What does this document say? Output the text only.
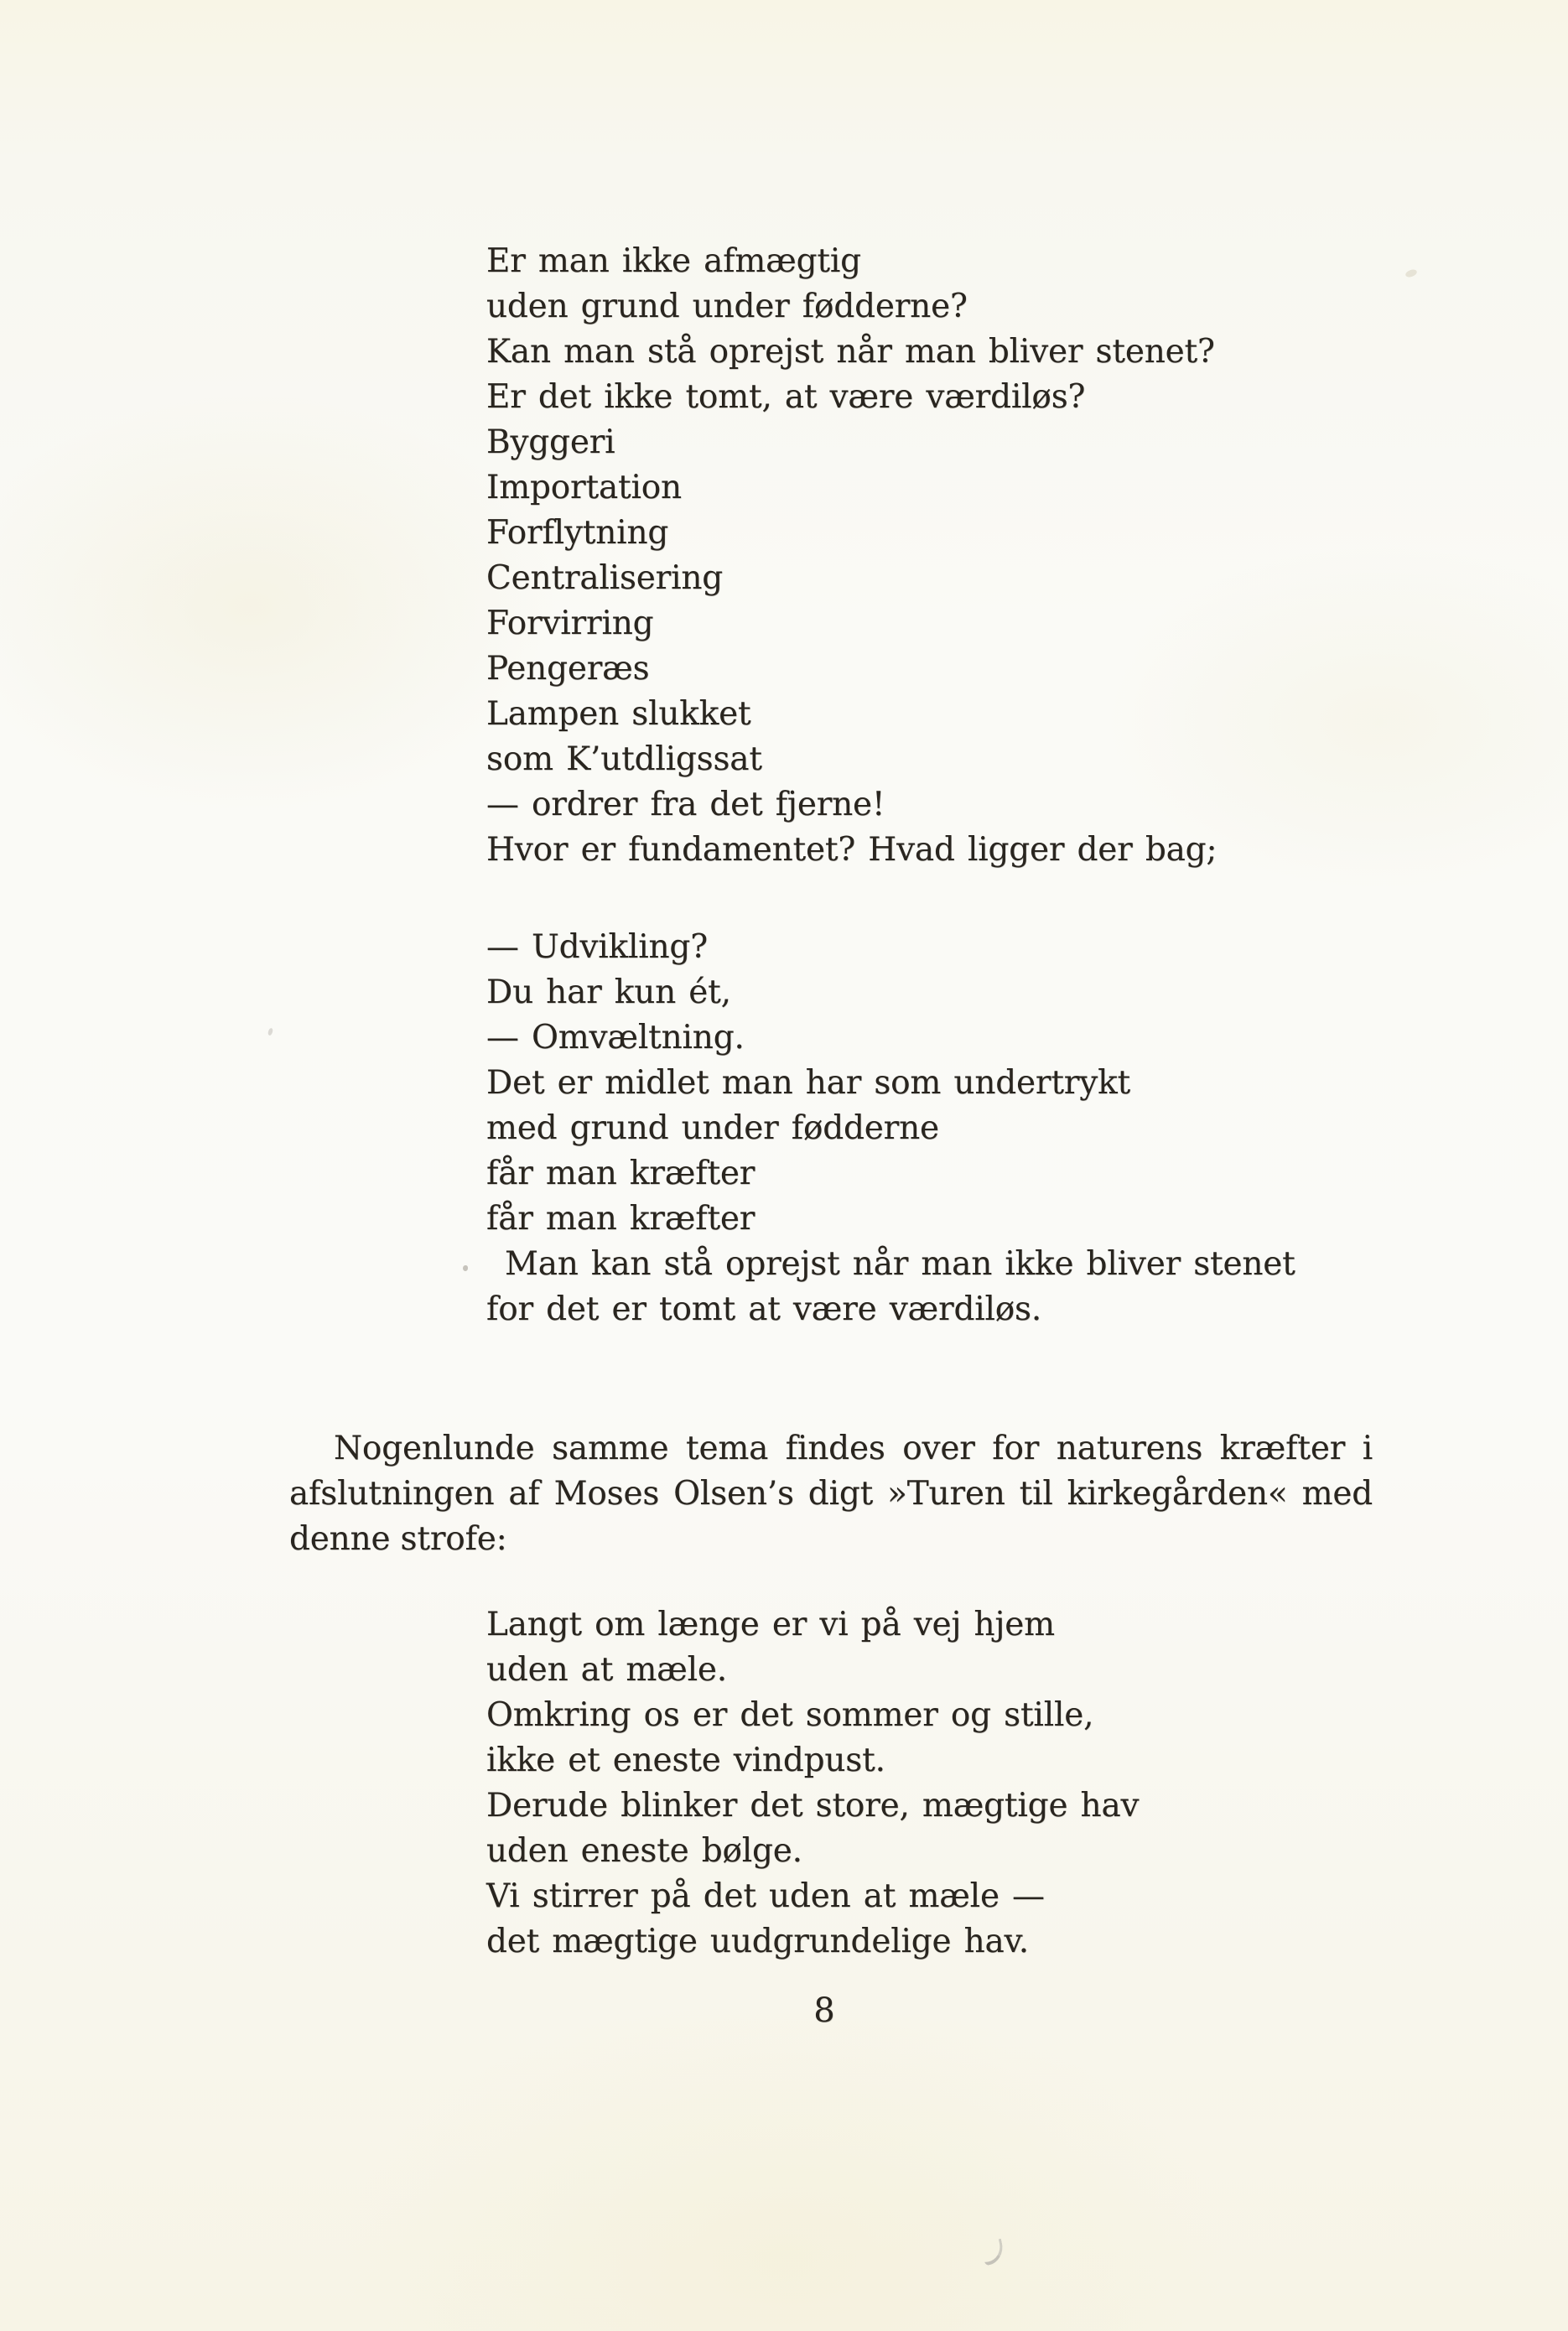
Er man ikke afmægtig
uden grund under fødderne?
Kan man stå oprejst når man bliver stenet?
Er det ikke tomt, at være værdiløs?
Byggeri
Importation
Forflytning
Centralisering
Forvirring
Pengeræs
Lampen slukket
som K’utdligssat
— ordrer fra det fjerne!
Hvor er fundamentet? Hvad ligger der bag;
— Udvikling?
Du har kun ét,
— Omvæltning.
Det er midlet man har som undertrykt
med grund under fødderne
får man kræfter
får man kræfter
Man kan stå oprejst når man ikke bliver stenet
for det er tomt at være værdiløs.
Nogenlunde samme tema findes over for naturens kræfter i
afslutningen af Moses Olsen’s digt »Turen til kirkegården« med
denne strofe:
Langt om længe er vi på vej hjem
uden at mæle.
Omkring os er det sommer og stille,
ikke et eneste vindpust.
Derude blinker det store, mægtige hav
uden eneste bølge.
Vi stirrer på det uden at mæle —
det mægtige uudgrundelige hav.
8
